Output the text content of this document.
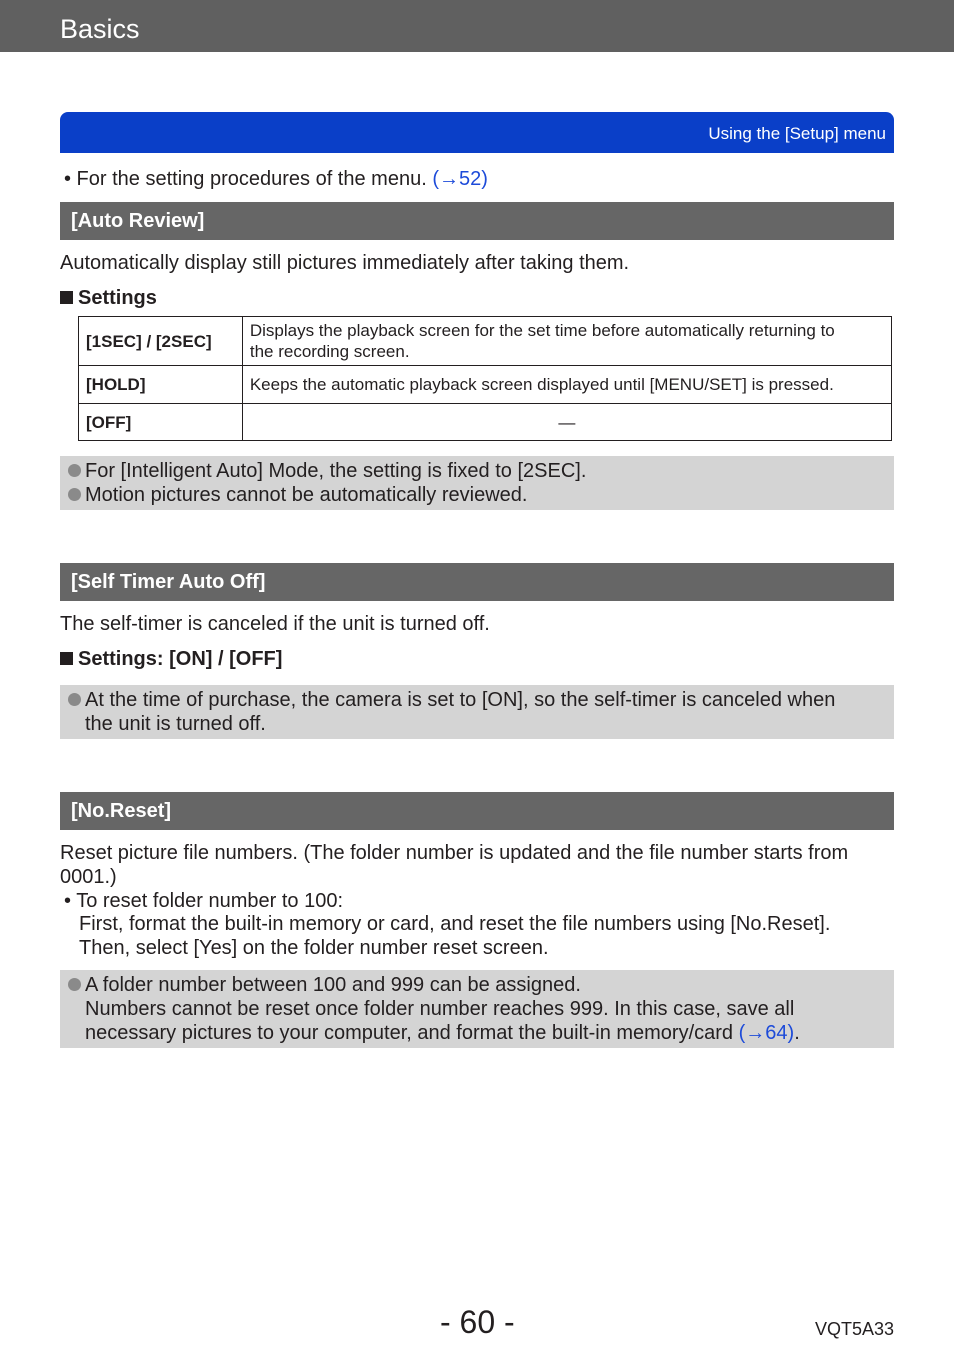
Basics
Using the [Setup] menu
• For the setting procedures of the menu. (→52)
[Auto Review]
Automatically display still pictures immediately after taking them.
Settings
[1SEC] / [2SEC]	Displays the playback screen for the set time before automatically returning to
the recording screen.

[HOLD]	Keeps the automatic playback screen displayed until [MENU/SET] is pressed.
[OFF]	—
For [Intelligent Auto] Mode, the setting is fixed to [2SEC].
Motion pictures cannot be automatically reviewed.
[Self Timer Auto Off]
The self-timer is canceled if the unit is turned off.
Settings: [ON] / [OFF]
At the time of purchase, the camera is set to [ON], so the self-timer is canceled when
the unit is turned off.
[No.Reset]
Reset picture file numbers. (The folder number is updated and the file number starts from
0001.)
• To reset folder number to 100:
First, format the built-in memory or card, and reset the file numbers using [No.Reset].
Then, select [Yes] on the folder number reset screen.
A folder number between 100 and 999 can be assigned.
Numbers cannot be reset once folder number reaches 999. In this case, save all
necessary pictures to your computer, and format the built-in memory/card (→64).
- 60 -	VQT5A33
